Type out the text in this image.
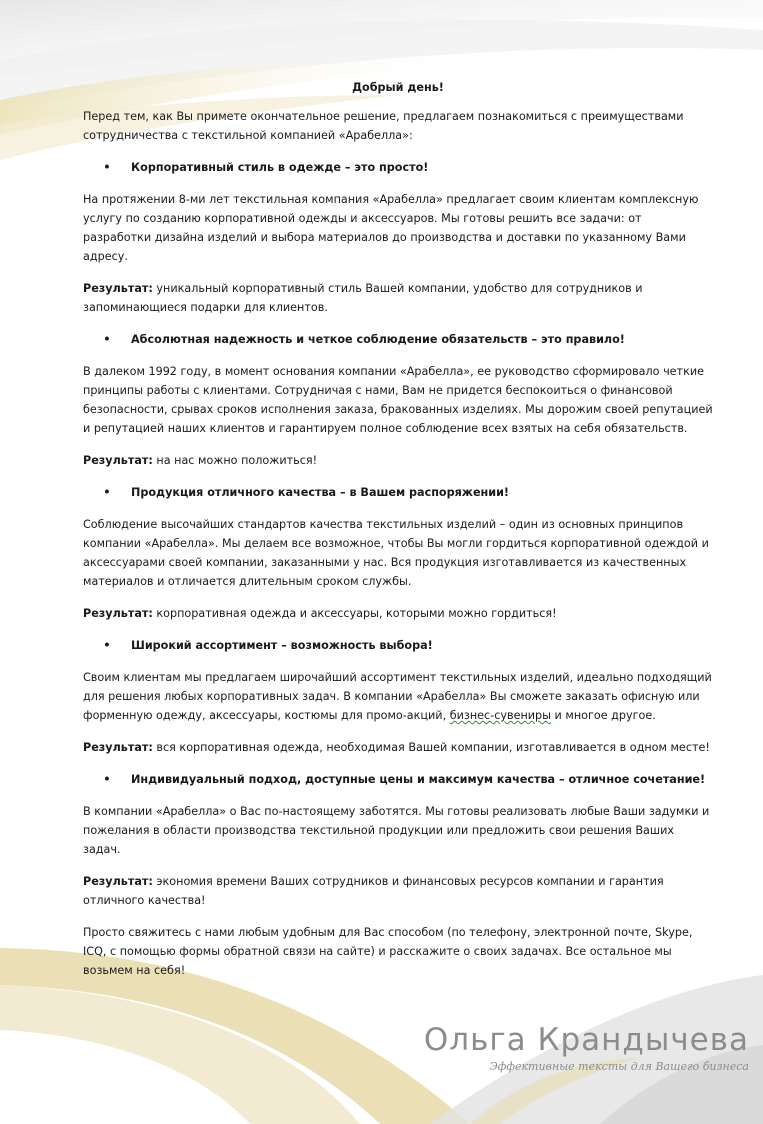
Добрый день!

Перед тем, как Вы примете окончательное решение, предлагаем познакомиться с преимуществами сотрудничества с текстильной компанией «Арабелла»:

•	Корпоративный стиль в одежде – это просто!

На протяжении 8-ми лет текстильная компания «Арабелла» предлагает своим клиентам комплексную услугу по созданию корпоративной одежды и аксессуаров. Мы готовы решить все задачи: от разработки дизайна изделий и выбора материалов до производства и доставки по указанному Вами адресу.

Результат: уникальный корпоративный стиль Вашей компании, удобство для сотрудников и запоминающиеся подарки для клиентов.

•	Абсолютная надежность и четкое соблюдение обязательств – это правило!

В далеком 1992 году, в момент основания компании «Арабелла», ее руководство сформировало четкие принципы работы с клиентами. Сотрудничая с нами, Вам не придется беспокоиться о финансовой безопасности, срывах сроков исполнения заказа, бракованных изделиях. Мы дорожим своей репутацией и репутацией наших клиентов и гарантируем полное соблюдение всех взятых на себя обязательств.

Результат: на нас можно положиться!

•	Продукция отличного качества – в Вашем распоряжении!

Соблюдение высочайших стандартов качества текстильных изделий – один из основных принципов компании «Арабелла». Мы делаем все возможное, чтобы Вы могли гордиться корпоративной одеждой и аксессуарами своей компании, заказанными у нас. Вся продукция изготавливается из качественных материалов и отличается длительным сроком службы.

Результат: корпоративная одежда и аксессуары, которыми можно гордиться!

•	Широкий ассортимент – возможность выбора!

Своим клиентам мы предлагаем широчайший ассортимент текстильных изделий, идеально подходящий для решения любых корпоративных задач. В компании «Арабелла» Вы сможете заказать офисную или форменную одежду, аксессуары, костюмы для промо-акций, бизнес-сувениры и многое другое.

Результат: вся корпоративная одежда, необходимая Вашей компании, изготавливается в одном месте!

•	Индивидуальный подход, доступные цены и максимум качества – отличное сочетание!

В компании «Арабелла» о Вас по-настоящему заботятся. Мы готовы реализовать любые Ваши задумки и пожелания в области производства текстильной продукции или предложить свои решения Ваших задач.

Результат: экономия времени Ваших сотрудников и финансовых ресурсов компании и гарантия отличного качества!

Просто свяжитесь с нами любым удобным для Вас способом (по телефону, электронной почте, Skype, ICQ, с помощью формы обратной связи на сайте) и расскажите о своих задачах. Все остальное мы возьмем на себя!

Ольга Крандычева
Эффективные тексты для Вашего бизнеса
